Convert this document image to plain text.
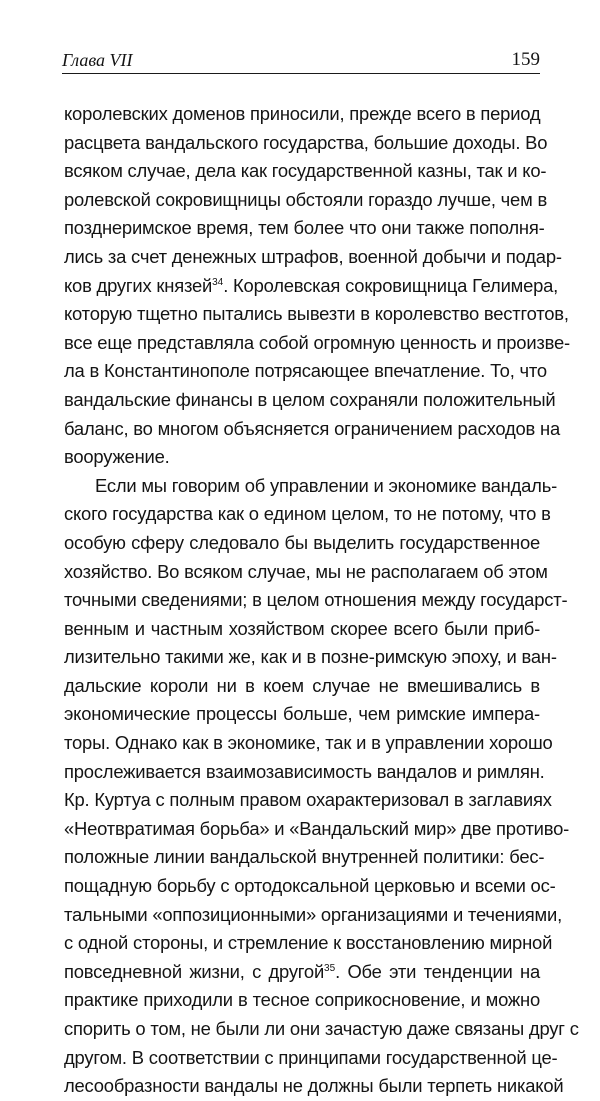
Глава VII	159
королевских доменов приносили, прежде всего в период
расцвета вандальского государства, большие доходы. Во
всяком случае, дела как государственной казны, так и ко-
ролевской сокровищницы обстояли гораздо лучше, чем в
позднеримское время, тем более что они также пополня-
лись за счет денежных штрафов, военной добычи и подар-
ков других князей$^{34}$. Королевская сокровищница Гелимера,
которую тщетно пытались вывезти в королевство вестготов,
все еще представляла собой огромную ценность и произве-
ла в Константинополе потрясающее впечатление. То, что
вандальские финансы в целом сохраняли положительный
баланс, во многом объясняется ограничением расходов на
вооружение.
Если мы говорим об управлении и экономике вандаль-
ского государства как о едином целом, то не потому, что в
особую сферу следовало бы выделить государственное
хозяйство. Во всяком случае, мы не располагаем об этом
точными сведениями; в целом отношения между государст-
венным и частным хозяйством скорее всего были приб-
лизительно такими же, как и в позне-римскую эпоху, и ван-
дальские короли ни в коем случае не вмешивались в
экономические процессы больше, чем римские импера-
торы. Однако как в экономике, так и в управлении хорошо
прослеживается взаимозависимость вандалов и римлян.
Кр. Куртуа с полным правом охарактеризовал в заглавиях
«Неотвратимая борьба» и «Вандальский мир» две противо-
положные линии вандальской внутренней политики: бес-
пощадную борьбу с ортодоксальной церковью и всеми ос-
тальными «оппозиционными» организациями и течениями,
с одной стороны, и стремление к восстановлению мирной
повседневной жизни, с другой$^{35}$. Обе эти тенденции на
практике приходили в тесное соприкосновение, и можно
спорить о том, не были ли они зачастую даже связаны друг с
другом. В соответствии с принципами государственной це-
лесообразности вандалы не должны были терпеть никакой
